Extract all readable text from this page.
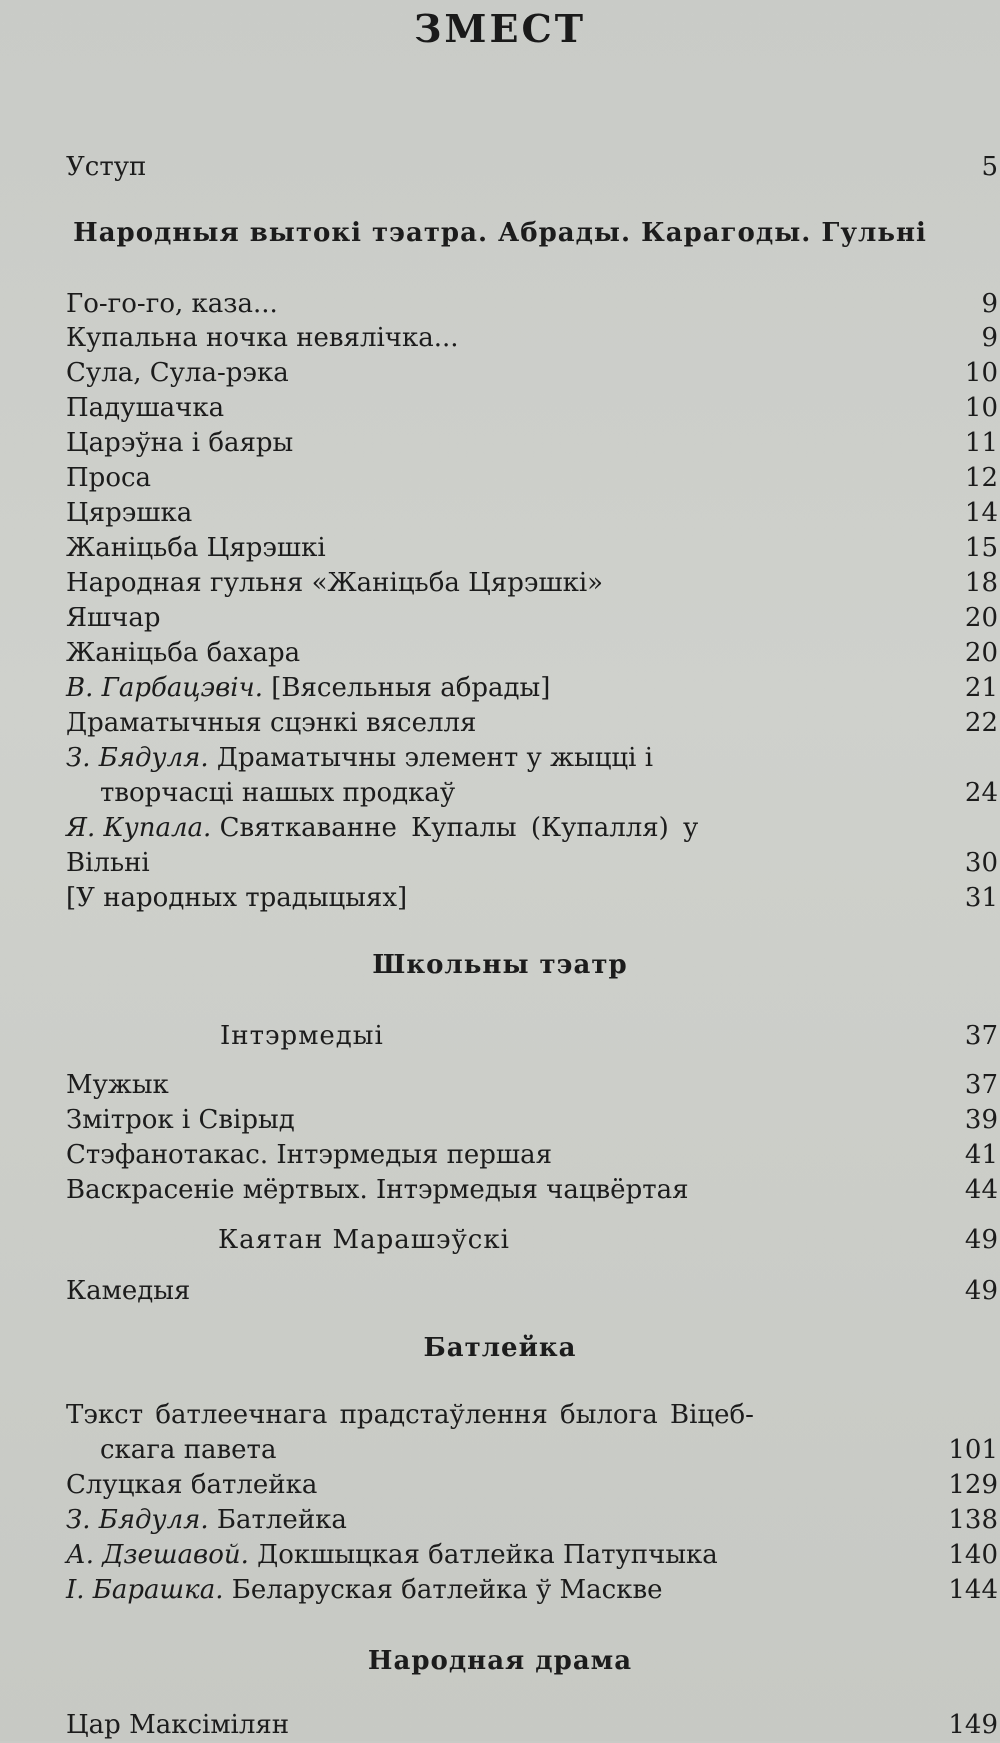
ЗМЕСТ
Уступ	5
Народныя вытокі тэатра. Абрады. Карагоды. Гульні
Го-го-го, каза...	9
Купальна ночка невялічка...	9
Сула, Сула-рэка	10
Падушачка	10
Царэўна і баяры	11
Проса	12
Цярэшка	14
Жаніцьба Цярэшкі	15
Народная гульня «Жаніцьба Цярэшкі»	18
Яшчар	20
Жаніцьба бахара	20
В. Гарбацэвіч. [Вясельныя абрады]	21
Драматычныя сцэнкі вяселля	22
З. Бядуля. Драматычны элемент у жыцці і
творчасці нашых продкаў	24
Я. Купала. Святкаванне Купалы (Купалля) у
Вільні	30
[У народных традыцыях]	31
Школьны тэатр
Інтэрмедыі	37
Мужык	37
Змітрок і Свірыд	39
Стэфанотакас. Інтэрмедыя першая	41
Васкрасеніе мёртвых. Інтэрмедыя чацвёртая	44
Каятан Марашэўскі	49
Камедыя	49
Батлейка
Тэкст батлеечнага прадстаўлення былога Віцеб-
скага павета	101
Слуцкая батлейка	129
З. Бядуля. Батлейка	138
А. Дзешавой. Докшыцкая батлейка Патупчыка	140
І. Барашка. Беларуская батлейка ў Маскве	144
Народная драма
Цар Максімілян	149
